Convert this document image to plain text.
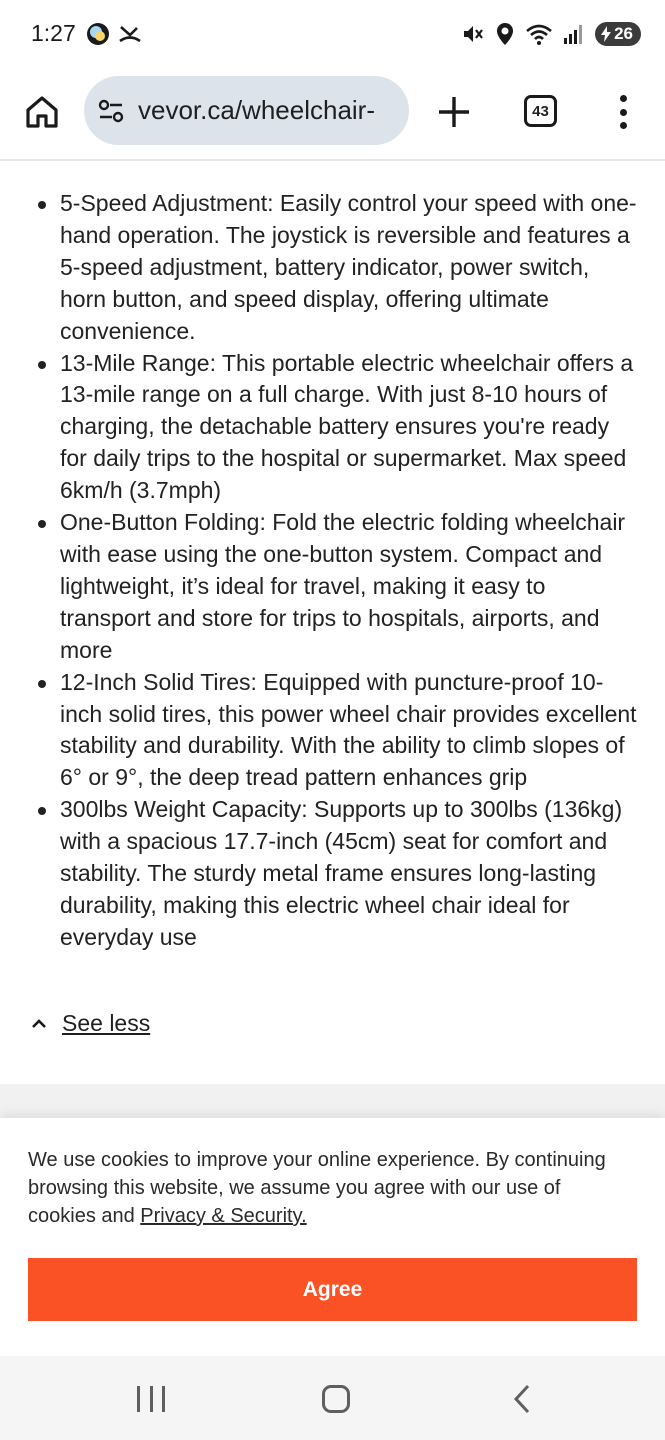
1:27	26
vevor.ca/wheelchair-	43
5-Speed Adjustment: Easily control your speed with one-hand operation. The joystick is reversible and features a 5-speed adjustment, battery indicator, power switch, horn button, and speed display, offering ultimate convenience.
13-Mile Range: This portable electric wheelchair offers a 13-mile range on a full charge. With just 8-10 hours of charging, the detachable battery ensures you're ready for daily trips to the hospital or supermarket. Max speed 6km/h (3.7mph)
One-Button Folding: Fold the electric folding wheelchair with ease using the one-button system. Compact and lightweight, it’s ideal for travel, making it easy to transport and store for trips to hospitals, airports, and more
12-Inch Solid Tires: Equipped with puncture-proof 10-inch solid tires, this power wheel chair provides excellent stability and durability. With the ability to climb slopes of 6° or 9°, the deep tread pattern enhances grip
300lbs Weight Capacity: Supports up to 300lbs (136kg) with a spacious 17.7-inch (45cm) seat for comfort and stability. The sturdy metal frame ensures long-lasting durability, making this electric wheel chair ideal for everyday use
See less

We use cookies to improve your online experience. By continuing browsing this website, we assume you agree with our use of cookies and Privacy & Security.

Agree
